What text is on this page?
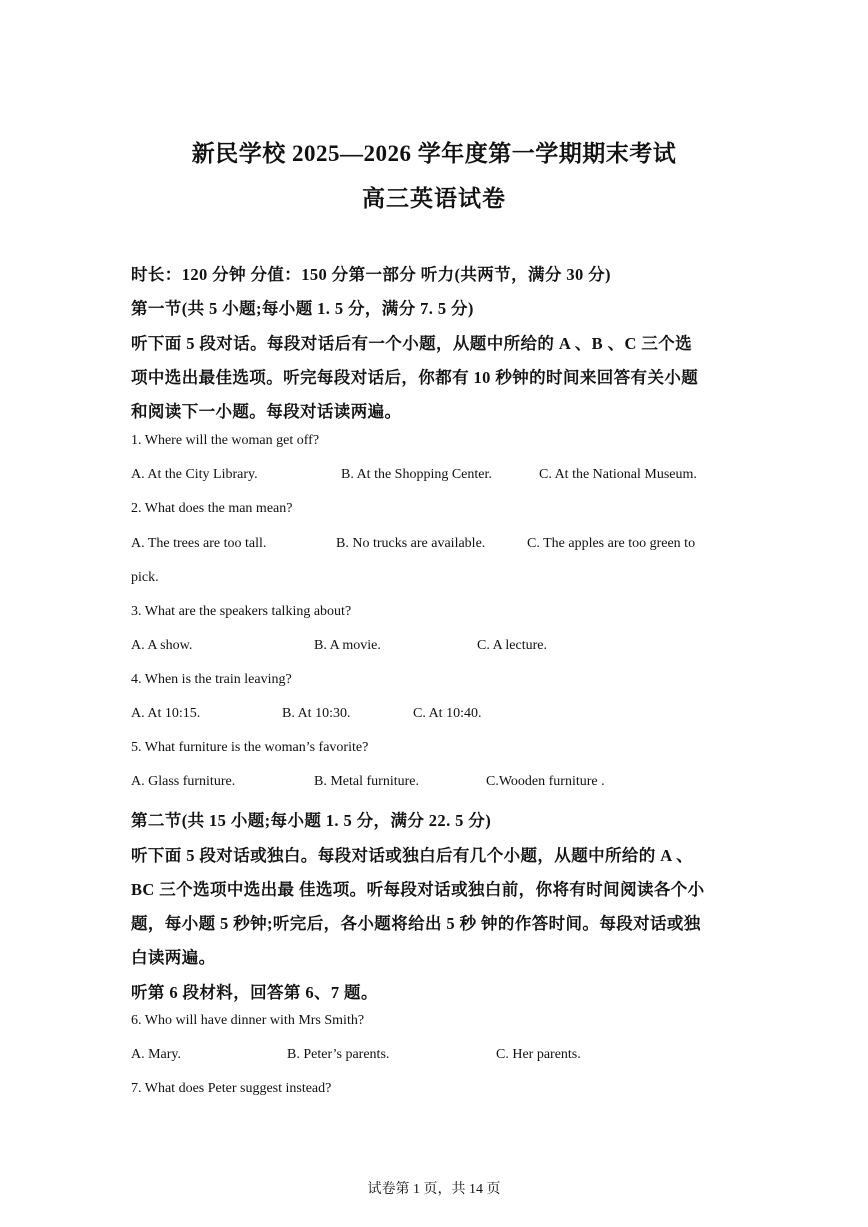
新民学校 2025—2026 学年度第一学期期末考试
高三英语试卷
时长：120 分钟 分值：150 分第一部分 听力(共两节，满分 30 分)
第一节(共 5 小题;每小题 1. 5 分，满分 7. 5 分)
听下面 5 段对话。每段对话后有一个小题，从题中所给的 A 、B 、C 三个选
项中选出最佳选项。听完每段对话后，你都有 10 秒钟的时间来回答有关小题
和阅读下一小题。每段对话读两遍。
1. Where will the woman get off?
A. At the City Library.	B. At the Shopping Center.	C. At the National Museum.
2. What does the man mean?
A. The trees are too tall.	B. No trucks are available.	C. The apples are too green to
pick.
3. What are the speakers talking about?
A. A show.	B. A movie.	C. A lecture.
4. When is the train leaving?
A. At 10:15.	B. At 10:30.	C. At 10:40.
5. What furniture is the woman’s favorite?
A. Glass furniture.	B. Metal furniture.	C.Wooden furniture .
第二节(共 15 小题;每小题 1. 5 分，满分 22. 5 分)
听下面 5 段对话或独白。每段对话或独白后有几个小题，从题中所给的 A 、
BC 三个选项中选出最 佳选项。听每段对话或独白前，你将有时间阅读各个小
题，每小题 5 秒钟;听完后，各小题将给出 5 秒 钟的作答时间。每段对话或独
白读两遍。
听第 6 段材料，回答第 6、7 题。
6. Who will have dinner with Mrs Smith?
A. Mary.	B. Peter’s parents.	C. Her parents.
7. What does Peter suggest instead?
试卷第 1 页，共 14 页
